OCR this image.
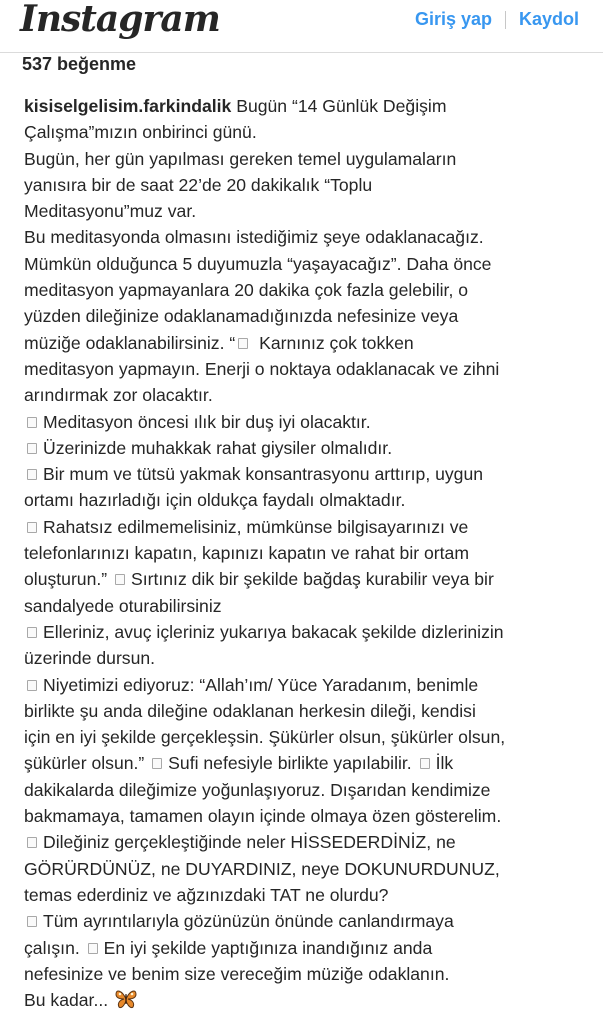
Instagram	Giriş yap Kaydol
537 beğenme
kisiselgelisim.farkindalik Bugün “14 Günlük Değişim
Çalışma”mızın onbirinci günü.
Bugün, her gün yapılması gereken temel uygulamaların
yanısıra bir de saat 22’de 20 dakikalık “Toplu
Meditasyonu”muz var.
Bu meditasyonda olmasını istediğimiz şeye odaklanacağız.
Mümkün olduğunca 5 duyumuzla “yaşayacağız”. Daha önce
meditasyon yapmayanlara 20 dakika çok fazla gelebilir, o
yüzden dileğinize odaklanamadığınızda nefesinize veya
müziğe odaklanabilirsiniz. “ Karnınız çok tokken
meditasyon yapmayın. Enerji o noktaya odaklanacak ve zihni
arındırmak zor olacaktır.
Meditasyon öncesi ılık bir duş iyi olacaktır.
Üzerinizde muhakkak rahat giysiler olmalıdır.
Bir mum ve tütsü yakmak konsantrasyonu arttırıp, uygun
ortamı hazırladığı için oldukça faydalı olmaktadır.
Rahatsız edilmemelisiniz, mümkünse bilgisayarınızı ve
telefonlarınızı kapatın, kapınızı kapatın ve rahat bir ortam
oluşturun.” Sırtınız dik bir şekilde bağdaş kurabilir veya bir
sandalyede oturabilirsiniz
Elleriniz, avuç içleriniz yukarıya bakacak şekilde dizlerinizin
üzerinde dursun.
Niyetimizi ediyoruz: “Allah’ım/ Yüce Yaradanım, benimle
birlikte şu anda dileğine odaklanan herkesin dileği, kendisi
için en iyi şekilde gerçekleşsin. Şükürler olsun, şükürler olsun,
şükürler olsun.” Sufi nefesiyle birlikte yapılabilir. İlk
dakikalarda dileğimize yoğunlaşıyoruz. Dışarıdan kendimize
bakmamaya, tamamen olayın içinde olmaya özen gösterelim.
Dileğiniz gerçekleştiğinde neler HİSSEDERDİNİZ, ne
GÖRÜRDÜNÜZ, ne DUYARDINIZ, neye DOKUNURDUNUZ,
temas ederdiniz ve ağzınızdaki TAT ne olurdu?
Tüm ayrıntılarıyla gözünüzün önünde canlandırmaya
çalışın. En iyi şekilde yaptığınıza inandığınız anda
nefesinize ve benim size vereceğim müziğe odaklanın.
Bu kadar...
